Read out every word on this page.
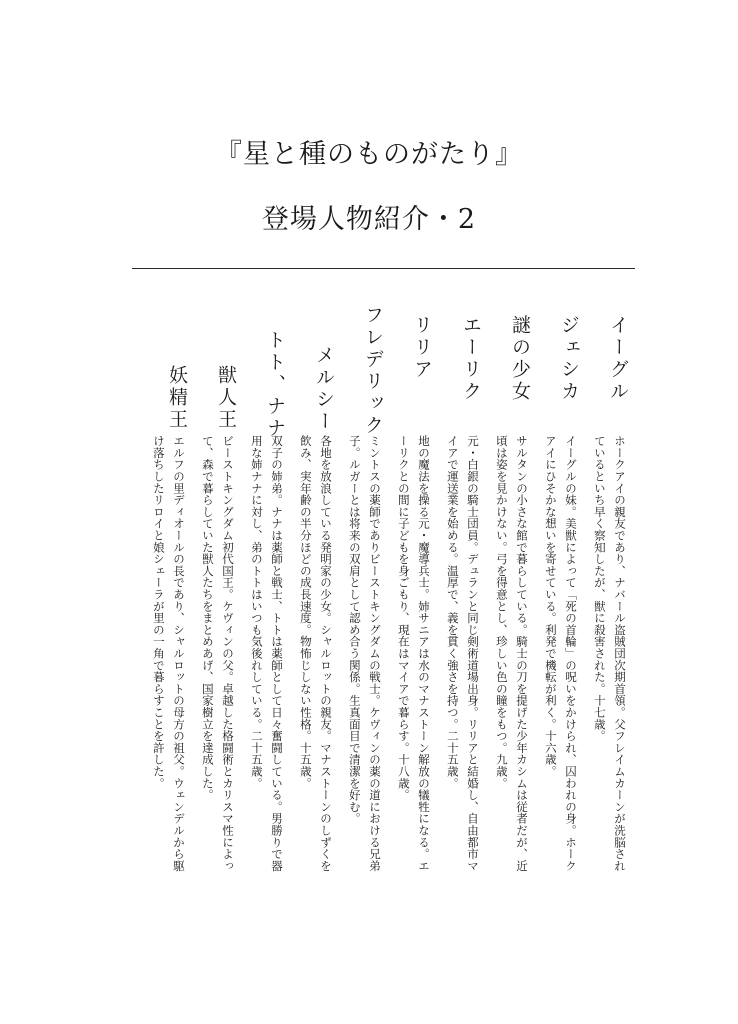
『星と種のものがたり』
登場人物紹介・2
イーグル
ホークアイの親友であり、ナバール盗賊団次期首領。父フレイムカーンが洗脳されているといち早く察知したが、獣に殺害された。十七歳。
ジェシカ
イーグルの妹。美獣によって「死の首輪」の呪いをかけられ、囚われの身。ホークアイにひそかな想いを寄せている。利発で機転が利く。十六歳。
謎の少女
サルタンの小さな館で暮らしている。騎士の刀を提げた少年カシムは従者だが、近頃は姿を見かけない。弓を得意とし、珍しい色の瞳をもつ。九歳。
エーリク
元・白銀の騎士団員。デュランと同じ剣術道場出身。リリアと結婚し、自由都市マイアで運送業を始める。温厚で、義を貫く強さを持つ。二十五歳。
リリア
地の魔法を操る元・魔導兵士。姉サニアは水のマナストーン解放の犠牲になる。エーリクとの間に子どもを身ごもり、現在はマイアで暮らす。十八歳。
フレデリック
ミントスの薬師でありビーストキングダムの戦士。ケヴィンの薬の道における兄弟子。ルガーとは将来の双肩として認め合う関係。生真面目で清潔を好む。
メルシー
各地を放浪している発明家の少女。シャルロットの親友。マナストーンのしずくを飲み、実年齢の半分ほどの成長速度。物怖じしない性格。十五歳。
トト、ナナ
双子の姉弟。ナナは薬師と戦士、トトは薬師として日々奮闘している。男勝りで器用な姉ナナに対し、弟のトトはいつも気後れしている。二十五歳。
獣人王
ビーストキングダム初代国王。ケヴィンの父。卓越した格闘術とカリスマ性によって、森で暮らしていた獣人たちをまとめあげ、国家樹立を達成した。
妖精王
エルフの里ディオールの長であり、シャルロットの母方の祖父。ウェンデルから駆け落ちしたリロイと娘シェーラが里の一角で暮らすことを許した。
